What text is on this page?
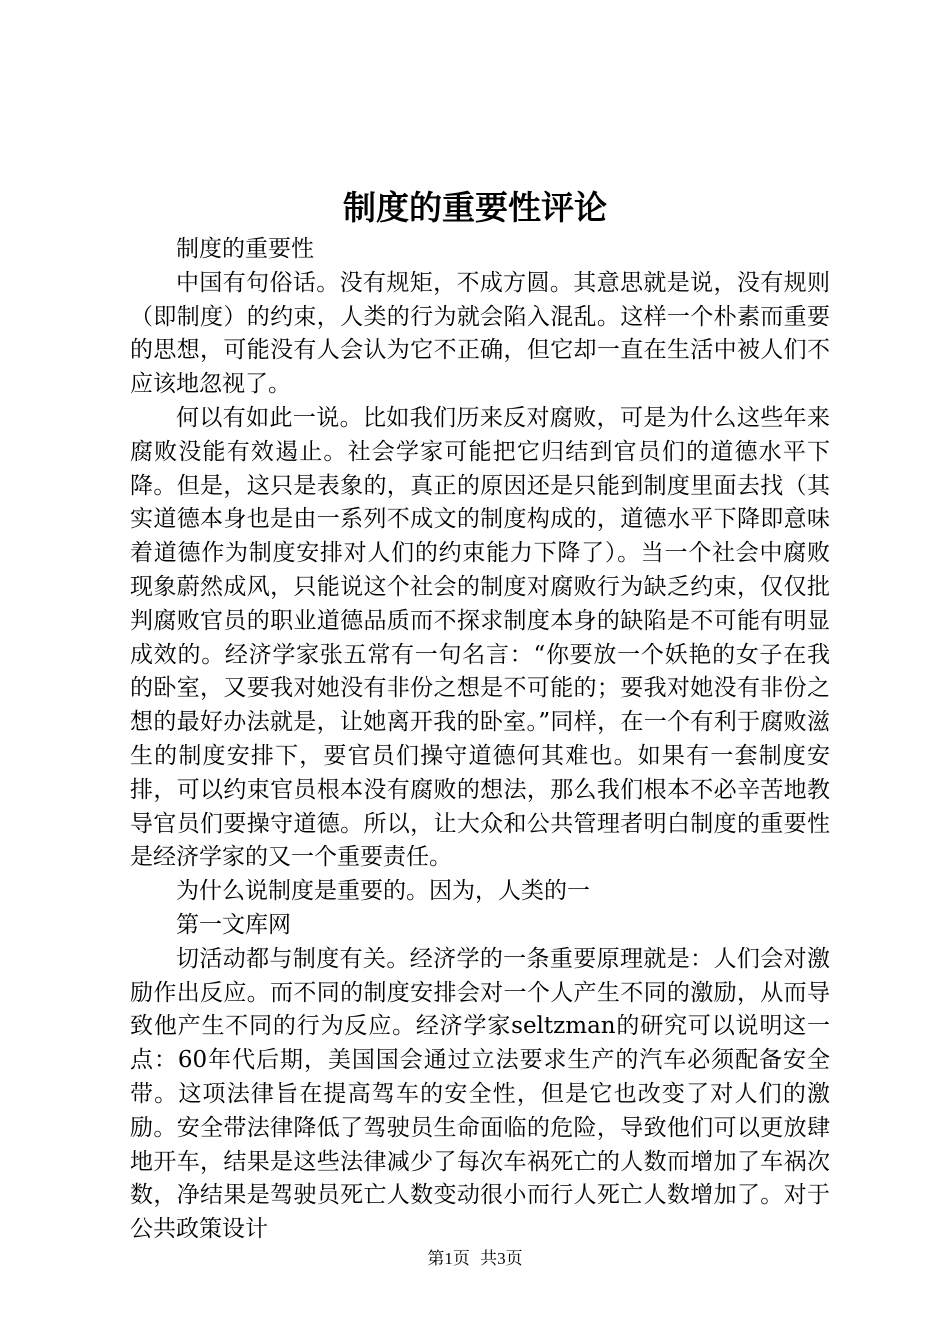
制度的重要性评论

制度的重要性

中国有句俗话。没有规矩，不成方圆。其意思就是说，没有规则（即制度）的约束，人类的行为就会陷入混乱。这样一个朴素而重要的思想，可能没有人会认为它不正确，但它却一直在生活中被人们不应该地忽视了。

何以有如此一说。比如我们历来反对腐败，可是为什么这些年来腐败没能有效遏止。社会学家可能把它归结到官员们的道德水平下降。但是，这只是表象的，真正的原因还是只能到制度里面去找（其实道德本身也是由一系列不成文的制度构成的，道德水平下降即意味着道德作为制度安排对人们的约束能力下降了）。当一个社会中腐败现象蔚然成风，只能说这个社会的制度对腐败行为缺乏约束，仅仅批判腐败官员的职业道德品质而不探求制度本身的缺陷是不可能有明显成效的。经济学家张五常有一句名言：“你要放一个妖艳的女子在我的卧室，又要我对她没有非份之想是不可能的；要我对她没有非份之想的最好办法就是，让她离开我的卧室。”同样，在一个有利于腐败滋生的制度安排下，要官员们操守道德何其难也。如果有一套制度安排，可以约束官员根本没有腐败的想法，那么我们根本不必辛苦地教导官员们要操守道德。所以，让大众和公共管理者明白制度的重要性是经济学家的又一个重要责任。

为什么说制度是重要的。因为，人类的一

第一文库网

切活动都与制度有关。经济学的一条重要原理就是：人们会对激励作出反应。而不同的制度安排会对一个人产生不同的激励，从而导致他产生不同的行为反应。经济学家seltzman的研究可以说明这一点：60年代后期，美国国会通过立法要求生产的汽车必须配备安全带。这项法律旨在提高驾车的安全性，但是它也改变了对人们的激励。安全带法律降低了驾驶员生命面临的危险，导致他们可以更放肆地开车，结果是这些法律减少了每次车祸死亡的人数而增加了车祸次数，净结果是驾驶员死亡人数变动很小而行人死亡人数增加了。对于公共政策设计

第1页 共3页
